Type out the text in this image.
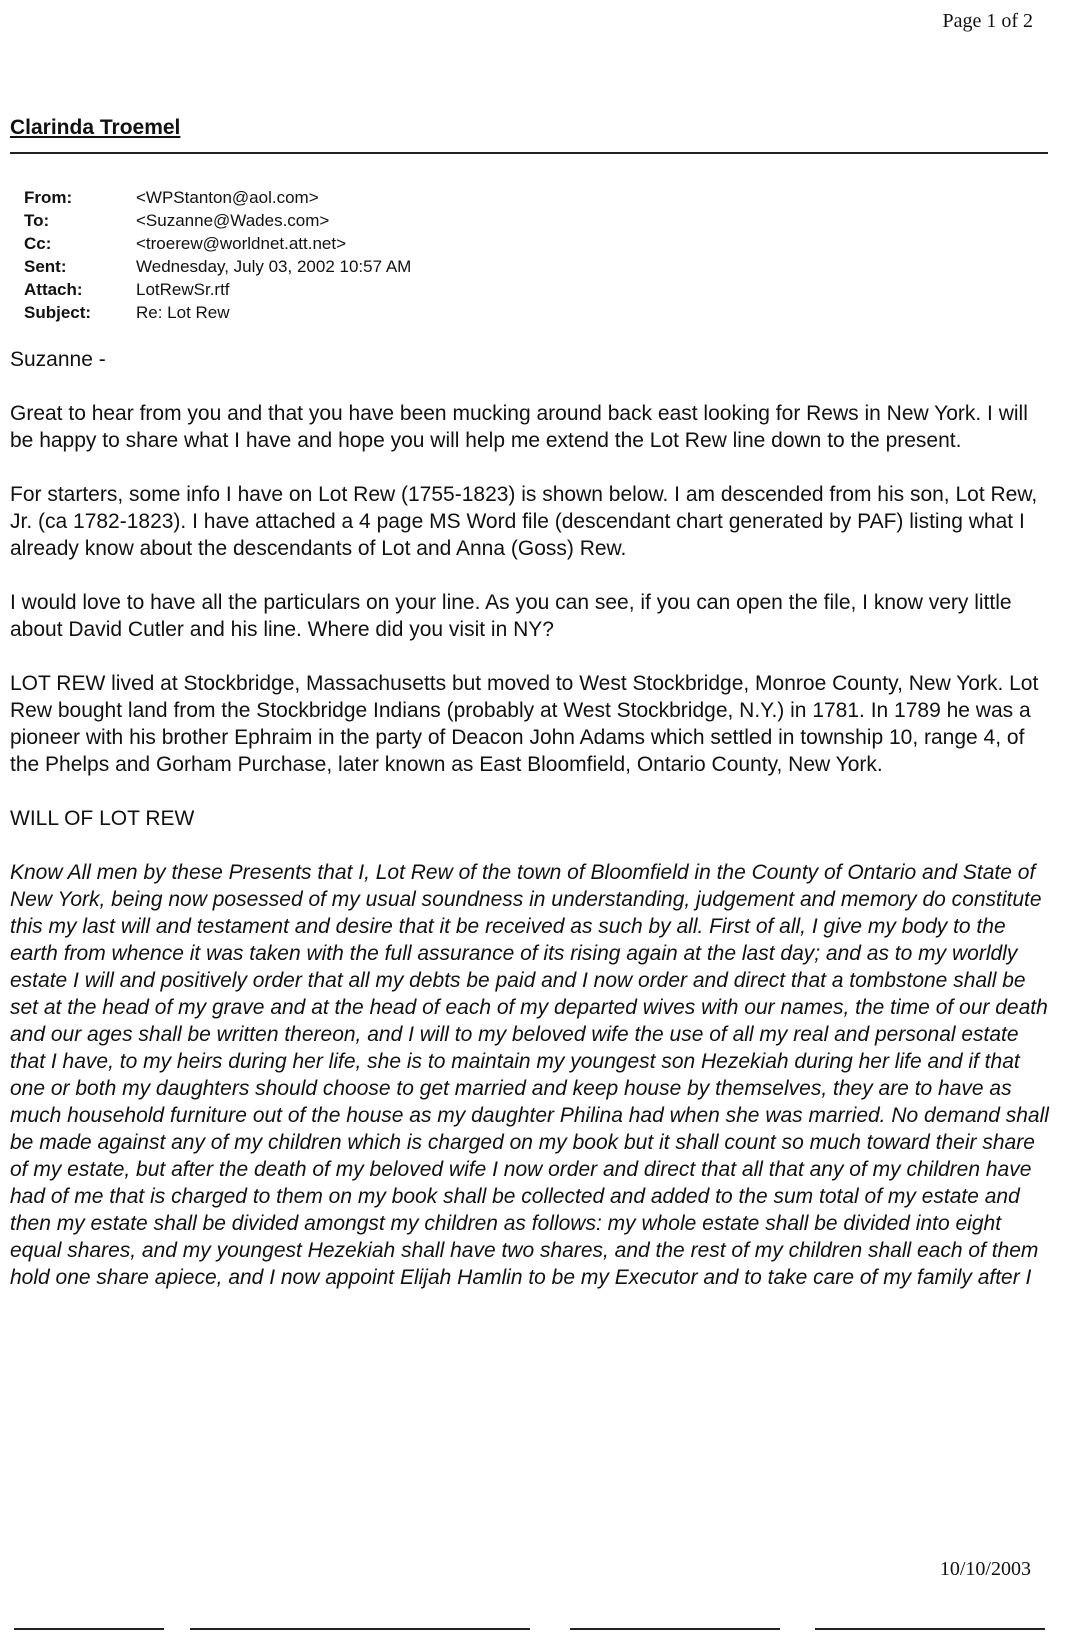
Page 1 of 2
Clarinda Troemel
From:	<WPStanton@aol.com>
To:	<Suzanne@Wades.com>
Cc:	<troerew@worldnet.att.net>
Sent:	Wednesday, July 03, 2002 10:57 AM
Attach:	LotRewSr.rtf
Subject:	Re: Lot Rew

Suzanne -

Great to hear from you and that you have been mucking around back east looking for Rews in New York. I will be happy to share what I have and hope you will help me extend the Lot Rew line down to the present.

For starters, some info I have on Lot Rew (1755-1823) is shown below. I am descended from his son, Lot Rew, Jr. (ca 1782-1823). I have attached a 4 page MS Word file (descendant chart generated by PAF) listing what I already know about the descendants of Lot and Anna (Goss) Rew.

I would love to have all the particulars on your line. As you can see, if you can open the file, I know very little about David Cutler and his line. Where did you visit in NY?

LOT REW lived at Stockbridge, Massachusetts but moved to West Stockbridge, Monroe County, New York. Lot Rew bought land from the Stockbridge Indians (probably at West Stockbridge, N.Y.) in 1781. In 1789 he was a pioneer with his brother Ephraim in the party of Deacon John Adams which settled in township 10, range 4, of the Phelps and Gorham Purchase, later known as East Bloomfield, Ontario County, New York.

WILL OF LOT REW

Know All men by these Presents that I, Lot Rew of the town of Bloomfield in the County of Ontario and State of New York, being now posessed of my usual soundness in understanding, judgement and memory do constitute this my last will and testament and desire that it be received as such by all. First of all, I give my body to the earth from whence it was taken with the full assurance of its rising again at the last day; and as to my worldly estate I will and positively order that all my debts be paid and I now order and direct that a tombstone shall be set at the head of my grave and at the head of each of my departed wives with our names, the time of our death and our ages shall be written thereon, and I will to my beloved wife the use of all my real and personal estate that I have, to my heirs during her life, she is to maintain my youngest son Hezekiah during her life and if that one or both my daughters should choose to get married and keep house by themselves, they are to have as much household furniture out of the house as my daughter Philina had when she was married. No demand shall be made against any of my children which is charged on my book but it shall count so much toward their share of my estate, but after the death of my beloved wife I now order and direct that all that any of my children have had of me that is charged to them on my book shall be collected and added to the sum total of my estate and then my estate shall be divided amongst my children as follows: my whole estate shall be divided into eight equal shares, and my youngest Hezekiah shall have two shares, and the rest of my children shall each of them hold one share apiece, and I now appoint Elijah Hamlin to be my Executor and to take care of my family after I

10/10/2003
